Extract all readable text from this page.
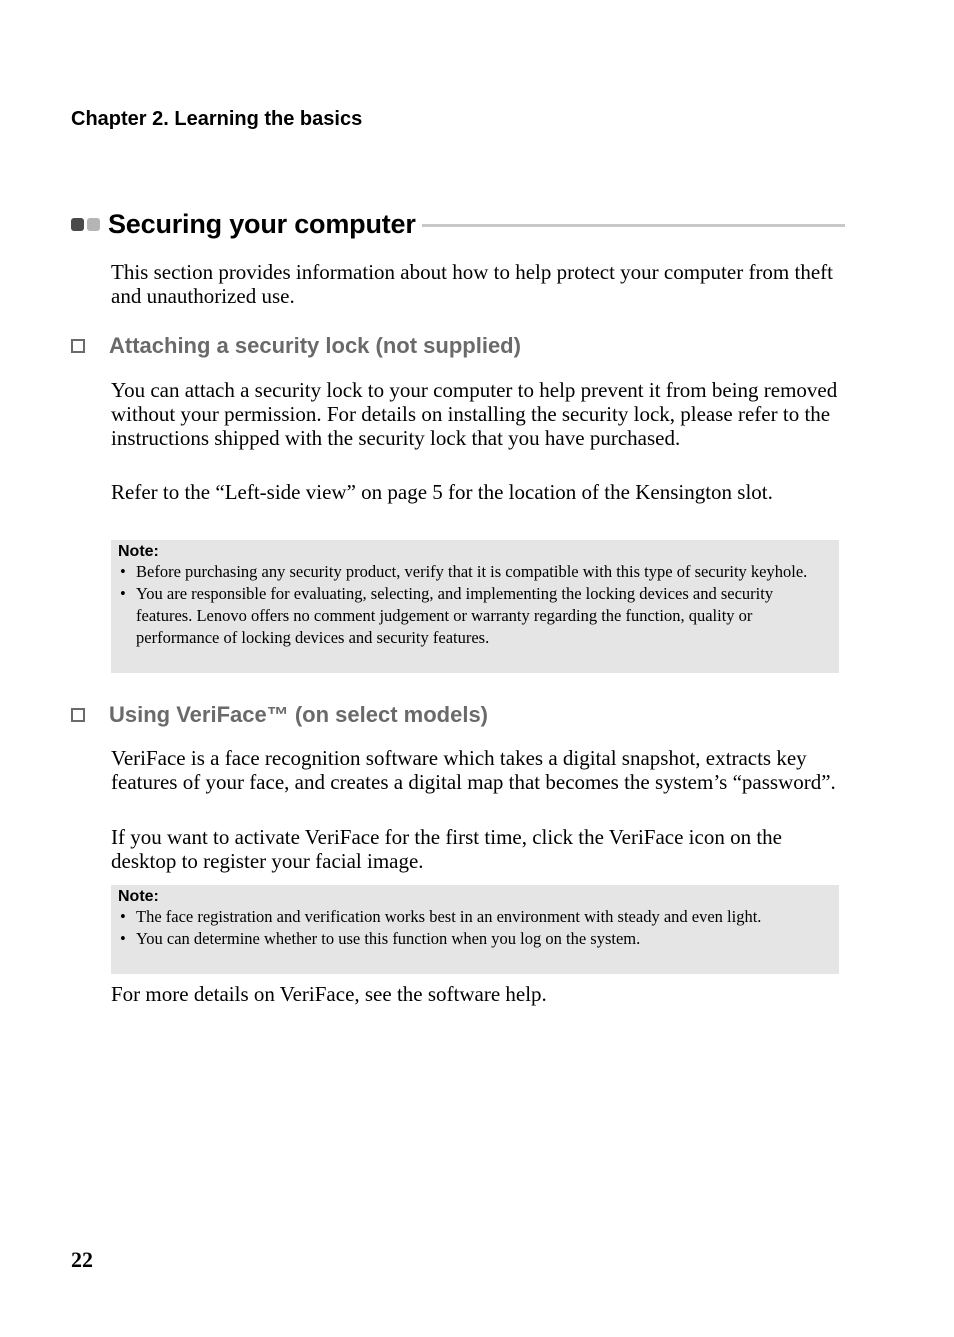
Chapter 2. Learning the basics
Securing your computer

This section provides information about how to help protect your computer from theft and unauthorized use.

Attaching a security lock (not supplied)

You can attach a security lock to your computer to help prevent it from being removed without your permission. For details on installing the security lock, please refer to the instructions shipped with the security lock that you have purchased.

Refer to the “Left-side view” on page 5 for the location of the Kensington slot.

Note:
• Before purchasing any security product, verify that it is compatible with this type of security keyhole.
• You are responsible for evaluating, selecting, and implementing the locking devices and security features. Lenovo offers no comment judgement or warranty regarding the function, quality or performance of locking devices and security features.
Using VeriFace™ (on select models)

VeriFace is a face recognition software which takes a digital snapshot, extracts key features of your face, and creates a digital map that becomes the system’s “password”.

If you want to activate VeriFace for the first time, click the VeriFace icon on the desktop to register your facial image.

Note:
• The face registration and verification works best in an environment with steady and even light.
• You can determine whether to use this function when you log on the system.

For more details on VeriFace, see the software help.

22
